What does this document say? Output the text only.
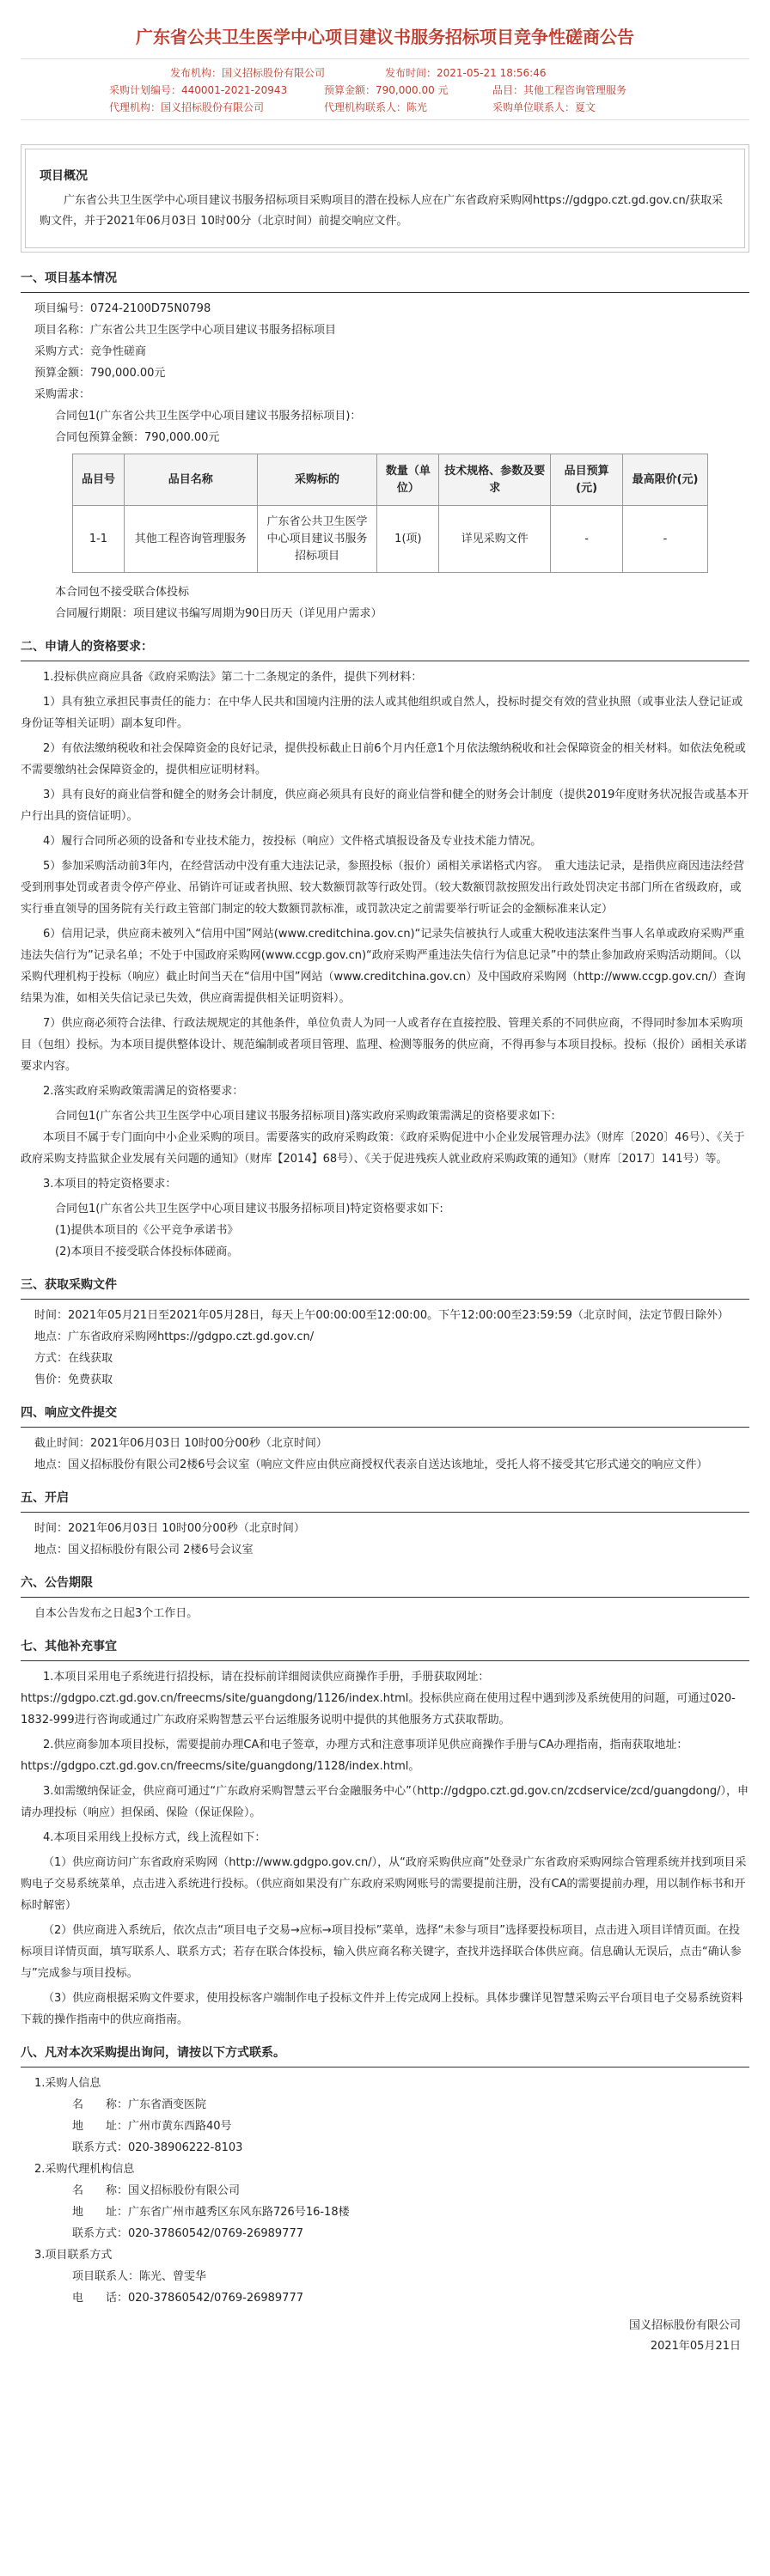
广东省公共卫生医学中心项目建议书服务招标项目竞争性磋商公告
发布机构：国义招标股份有限公司	发布时间：2021-05-21 18:56:46
采购计划编号：440001-2021-20943	预算金额：790,000.00 元	品目：其他工程咨询管理服务
代理机构：国义招标股份有限公司	代理机构联系人：陈光	采购单位联系人：夏文
项目概况

广东省公共卫生医学中心项目建议书服务招标项目采购项目的潜在投标人应在广东省政府采购网https://gdgpo.czt.gd.gov.cn/获取采购文件，并于2021年06月03日 10时00分（北京时间）前提交响应文件。

一、项目基本情况
项目编号：0724-2100D75N0798
项目名称：广东省公共卫生医学中心项目建议书服务招标项目
采购方式：竞争性磋商
预算金额：790,000.00元
采购需求：
合同包1(广东省公共卫生医学中心项目建议书服务招标项目)：
合同包预算金额：790,000.00元
品目号	品目名称	采购标的	数量（单位）	技术规格、参数及要求	品目预算(元)	最高限价(元)
1-1	其他工程咨询管理服务	广东省公共卫生医学中心项目建议书服务招标项目	1(项)	详见采购文件	-	-
本合同包不接受联合体投标
合同履行期限：项目建议书编写周期为90日历天（详见用户需求）
二、申请人的资格要求：
1.投标供应商应具备《政府采购法》第二十二条规定的条件，提供下列材料：
1）具有独立承担民事责任的能力：在中华人民共和国境内注册的法人或其他组织或自然人，投标时提交有效的营业执照（或事业法人登记证或身份证等相关证明）副本复印件。
2）有依法缴纳税收和社会保障资金的良好记录，提供投标截止日前6个月内任意1个月依法缴纳税收和社会保障资金的相关材料。如依法免税或不需要缴纳社会保障资金的，提供相应证明材料。
3）具有良好的商业信誉和健全的财务会计制度，供应商必须具有良好的商业信誉和健全的财务会计制度（提供2019年度财务状况报告或基本开户行出具的资信证明）。
4）履行合同所必须的设备和专业技术能力，按投标（响应）文件格式填报设备及专业技术能力情况。
5）参加采购活动前3年内，在经营活动中没有重大违法记录，参照投标（报价）函相关承诺格式内容。　重大违法记录，是指供应商因违法经营受到刑事处罚或者责令停产停业、吊销许可证或者执照、较大数额罚款等行政处罚。（较大数额罚款按照发出行政处罚决定书部门所在省级政府，或实行垂直领导的国务院有关行政主管部门制定的较大数额罚款标准，或罚款决定之前需要举行听证会的金额标准来认定）
6）信用记录，供应商未被列入“信用中国”网站(www.creditchina.gov.cn)“记录失信被执行人或重大税收违法案件当事人名单或政府采购严重违法失信行为”记录名单；不处于中国政府采购网(www.ccgp.gov.cn)“政府采购严重违法失信行为信息记录”中的禁止参加政府采购活动期间。（以采购代理机构于投标（响应）截止时间当天在“信用中国”网站（www.creditchina.gov.cn）及中国政府采购网（http://www.ccgp.gov.cn/）查询结果为准，如相关失信记录已失效，供应商需提供相关证明资料）。
7）供应商必须符合法律、行政法规规定的其他条件，单位负责人为同一人或者存在直接控股、管理关系的不同供应商，不得同时参加本采购项目（包组）投标。为本项目提供整体设计、规范编制或者项目管理、监理、检测等服务的供应商，不得再参与本项目投标。投标（报价）函相关承诺要求内容。
2.落实政府采购政策需满足的资格要求：
合同包1(广东省公共卫生医学中心项目建议书服务招标项目)落实政府采购政策需满足的资格要求如下:
本项目不属于专门面向中小企业采购的项目。需要落实的政府采购政策：《政府采购促进中小企业发展管理办法》（财库〔2020〕46号）、《关于政府采购支持监狱企业发展有关问题的通知》（财库【2014】68号）、《关于促进残疾人就业政府采购政策的通知》（财库〔2017〕141号）等。
3.本项目的特定资格要求：
合同包1(广东省公共卫生医学中心项目建议书服务招标项目)特定资格要求如下:
(1)提供本项目的《公平竞争承诺书》
(2)本项目不接受联合体投标体磋商。
三、获取采购文件
时间：2021年05月21日至2021年05月28日，每天上午00:00:00至12:00:00。下午12:00:00至23:59:59（北京时间，法定节假日除外）
地点：广东省政府采购网https://gdgpo.czt.gd.gov.cn/
方式：在线获取
售价：免费获取
四、响应文件提交
截止时间：2021年06月03日 10时00分00秒（北京时间）
地点：国义招标股份有限公司2楼6号会议室（响应文件应由供应商授权代表亲自送达该地址，受托人将不接受其它形式递交的响应文件）
五、开启
时间：2021年06月03日 10时00分00秒（北京时间）
地点：国义招标股份有限公司 2楼6号会议室
六、公告期限
自本公告发布之日起3个工作日。
七、其他补充事宜
1.本项目采用电子系统进行招投标，请在投标前详细阅读供应商操作手册，手册获取网址：https://gdgpo.czt.gd.gov.cn/freecms/site/guangdong/1126/index.html。投标供应商在使用过程中遇到涉及系统使用的问题，可通过020-1832-999进行咨询或通过广东政府采购智慧云平台运维服务说明中提供的其他服务方式获取帮助。
2.供应商参加本项目投标，需要提前办理CA和电子签章，办理方式和注意事项详见供应商操作手册与CA办理指南，指南获取地址：https://gdgpo.czt.gd.gov.cn/freecms/site/guangdong/1128/index.html。
3.如需缴纳保证金，供应商可通过“广东政府采购智慧云平台金融服务中心”（http://gdgpo.czt.gd.gov.cn/zcdservice/zcd/guangdong/），申请办理投标（响应）担保函、保险（保证保险）。
4.本项目采用线上投标方式，线上流程如下：
（1）供应商访问广东省政府采购网（http://www.gdgpo.gov.cn/），从“政府采购供应商”处登录广东省政府采购网综合管理系统并找到项目采购电子交易系统菜单，点击进入系统进行投标。（供应商如果没有广东政府采购网账号的需要提前注册，没有CA的需要提前办理，用以制作标书和开标时解密）
（2）供应商进入系统后，依次点击“项目电子交易→应标→项目投标”菜单，选择“未参与项目”选择要投标项目，点击进入项目详情页面。在投标项目详情页面，填写联系人、联系方式；若存在联合体投标，输入供应商名称关键字，查找并选择联合体供应商。信息确认无误后，点击“确认参与”完成参与项目投标。
（3）供应商根据采购文件要求，使用投标客户端制作电子投标文件并上传完成网上投标。具体步骤详见智慧采购云平台项目电子交易系统资料下载的操作指南中的供应商指南。
八、凡对本次采购提出询问，请按以下方式联系。
1.采购人信息
名　　称：广东省酒变医院
地　　址：广州市黄东西路40号
联系方式：020-38906222-8103
2.采购代理机构信息
名　　称：国义招标股份有限公司
地　　址：广东省广州市越秀区东风东路726号16-18楼
联系方式：020-37860542/0769-26989777
3.项目联系方式
项目联系人：陈光、曾雯华
电　　话：020-37860542/0769-26989777
国义招标股份有限公司
2021年05月21日
